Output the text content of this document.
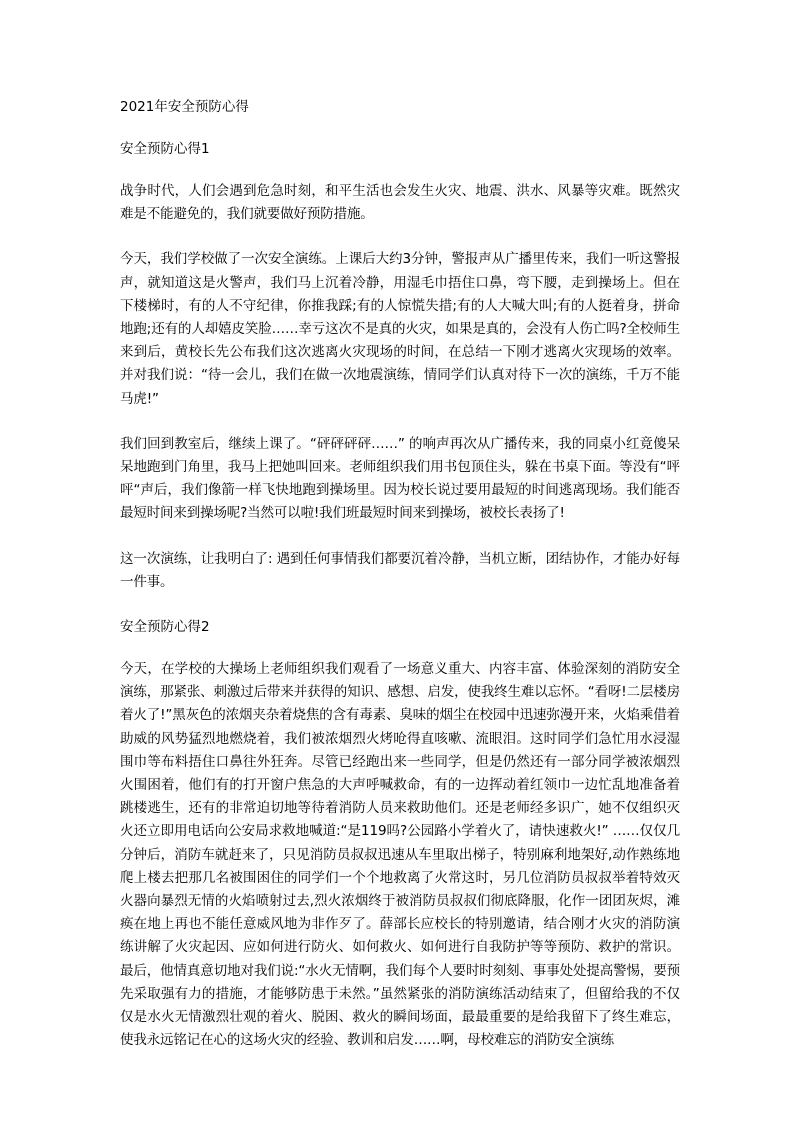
2021年安全预防心得
安全预防心得1

战争时代，人们会遇到危急时刻，和平生活也会发生火灾、地震、洪水、风暴等灾难。既然灾难是不能避免的，我们就要做好预防措施。

今天，我们学校做了一次安全演练。上课后大约3分钟，警报声从广播里传来，我们一听这警报声，就知道这是火警声，我们马上沉着冷静，用湿毛巾捂住口鼻，弯下腰，走到操场上。但在下楼梯时，有的人不守纪律，你推我踩;有的人惊慌失措;有的人大喊大叫;有的人挺着身，拼命地跑;还有的人却嬉皮笑脸……幸亏这次不是真的火灾，如果是真的，会没有人伤亡吗?全校师生来到后，黄校长先公布我们这次逃离火灾现场的时间，在总结一下刚才逃离火灾现场的效率。并对我们说：“待一会儿，我们在做一次地震演练，情同学们认真对待下一次的演练，千万不能马虎!”

我们回到教室后，继续上课了。“砰砰砰砰……” 的响声再次从广播传来，我的同桌小红竟傻呆呆地跑到门角里，我马上把她叫回来。老师组织我们用书包顶住头，躲在书桌下面。等没有“呯呯“声后，我们像箭一样飞快地跑到操场里。因为校长说过要用最短的时间逃离现场。我们能否最短时间来到操场呢?当然可以啦!我们班最短时间来到操场，被校长表扬了!

这一次演练，让我明白了: 遇到任何事情我们都要沉着冷静，当机立断，团结协作，才能办好每一件事。

安全预防心得2

今天，在学校的大操场上老师组织我们观看了一场意义重大、内容丰富、体验深刻的消防安全演练，那紧张、刺激过后带来并获得的知识、感想、启发，使我终生难以忘怀。“看呀!二层楼房着火了!”黑灰色的浓烟夹杂着烧焦的含有毒素、臭味的烟尘在校园中迅速弥漫开来，火焰乘借着助威的风势猛烈地燃烧着，我们被浓烟烈火烤呛得直咳嗽、流眼泪。这时同学们急忙用水浸湿围巾等布料捂住口鼻往外狂奔。尽管已经跑出来一些同学，但是仍然还有一部分同学被浓烟烈火围困着，他们有的打开窗户焦急的大声呼喊救命，有的一边挥动着红领巾一边忙乱地准备着跳楼逃生，还有的非常迫切地等待着消防人员来救助他们。还是老师经多识广，她不仅组织灭火还立即用电话向公安局求救地喊道:“是119吗?公园路小学着火了，请快速救火!” ……仅仅几分钟后，消防车就赶来了，只见消防员叔叔迅速从车里取出梯子，特别麻利地架好,动作熟练地爬上楼去把那几名被围困住的同学们一个个地救离了火常这时，另几位消防员叔叔举着特效灭火器向暴烈无情的火焰喷射过去,烈火浓烟终于被消防员叔叔们彻底降服，化作一团团灰烬，滩痪在地上再也不能任意威风地为非作歹了。薛部长应校长的特别邀请，结合刚才火灾的消防演练讲解了火灾起因、应如何进行防火、如何救火、如何进行自我防护等等预防、救护的常识。最后，他情真意切地对我们说:“水火无情啊，我们每个人要时时刻刻、事事处处提高警惕，要预先采取强有力的措施，才能够防患于未然。”虽然紧张的消防演练活动结束了，但留给我的不仅仅是水火无情激烈壮观的着火、脱困、救火的瞬间场面，最最重要的是给我留下了终生难忘，使我永远铭记在心的这场火灾的经验、教训和启发……啊，母校难忘的消防安全演练
